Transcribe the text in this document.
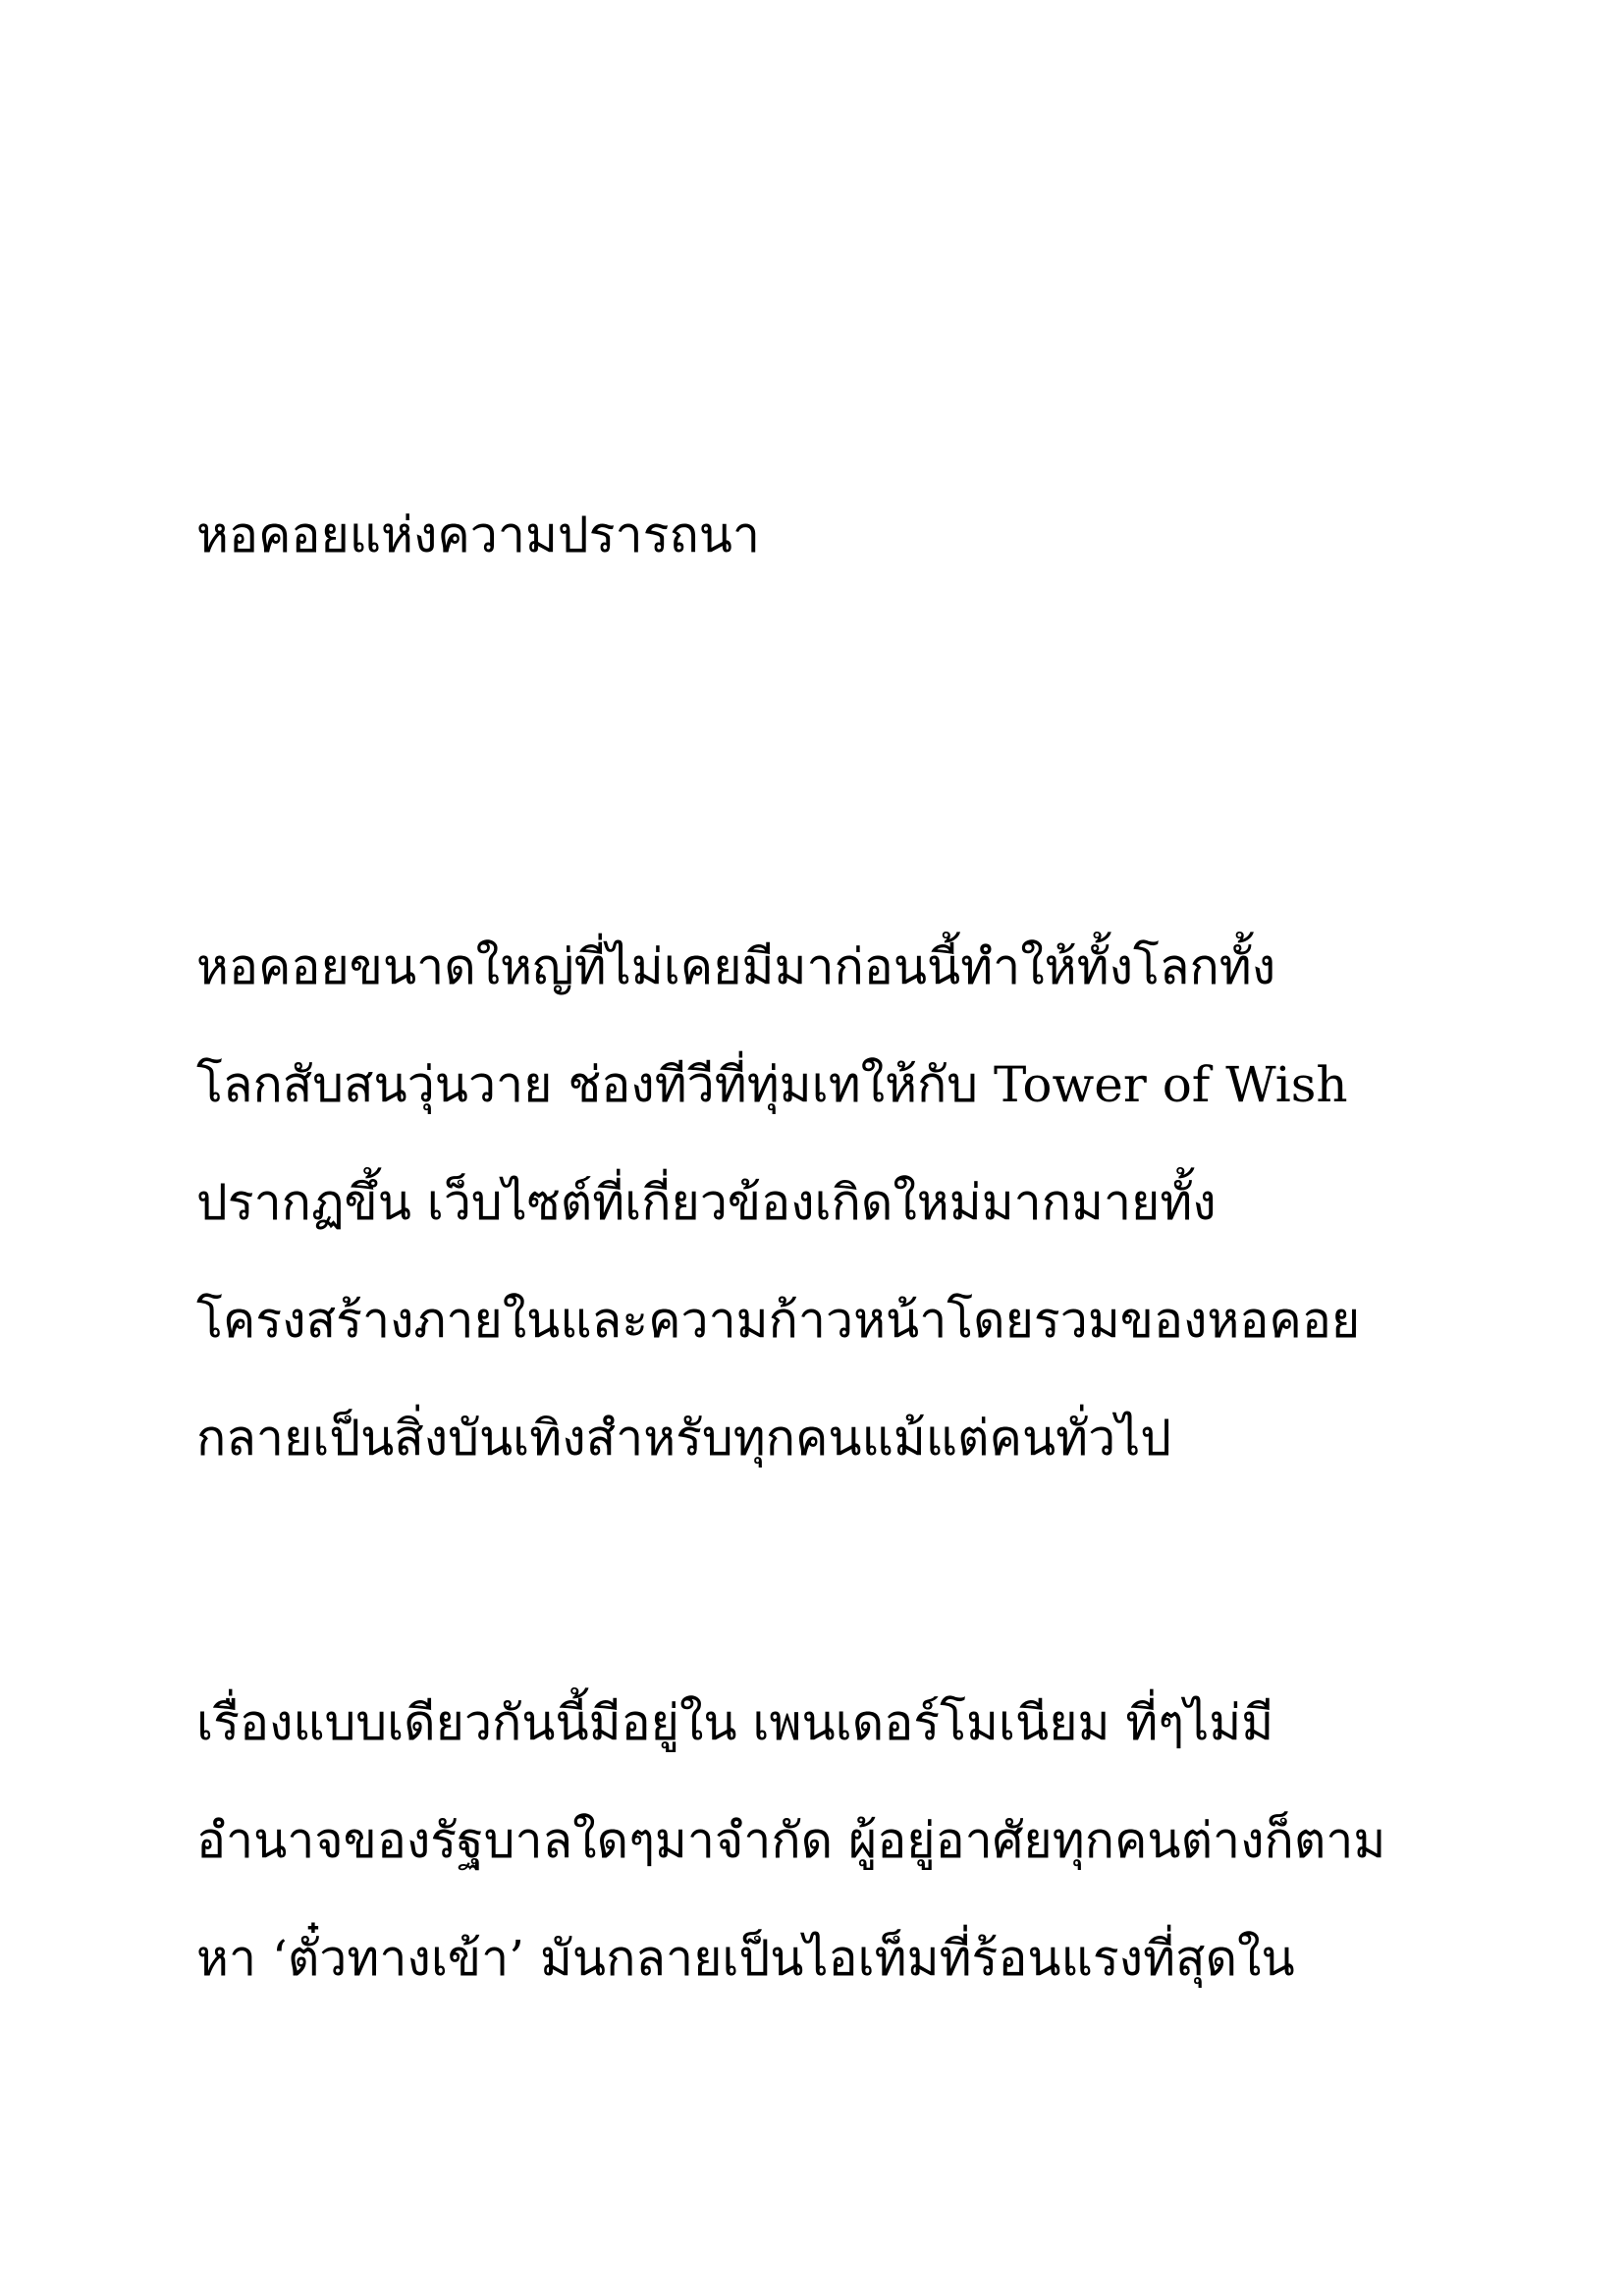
หอคอยแห่งความปรารถนา
หอคอยขนาดใหญ่ที่ไม่เคยมีมาก่อนนี้ทำให้ทั้งโลกทั้ง
โลกสับสนวุ่นวาย ช่องทีวีที่ทุ่มเทให้กับ Tower of Wish
ปรากฏขึ้น เว็บไซต์ที่เกี่ยวข้องเกิดใหม่มากมายทั้ง
โครงสร้างภายในและความก้าวหน้าโดยรวมของหอคอย
กลายเป็นสิ่งบันเทิงสำหรับทุกคนแม้แต่คนทั่วไป
เรื่องแบบเดียวกันนี้มีอยู่ใน เพนเดอร์โมเนียม ที่ๆไม่มี
อำนาจของรัฐบาลใดๆมาจำกัด ผู้อยู่อาศัยทุกคนต่างก็ตาม
หา ‘ตั๋วทางเข้า’ มันกลายเป็นไอเท็มที่ร้อนแรงที่สุดใน
